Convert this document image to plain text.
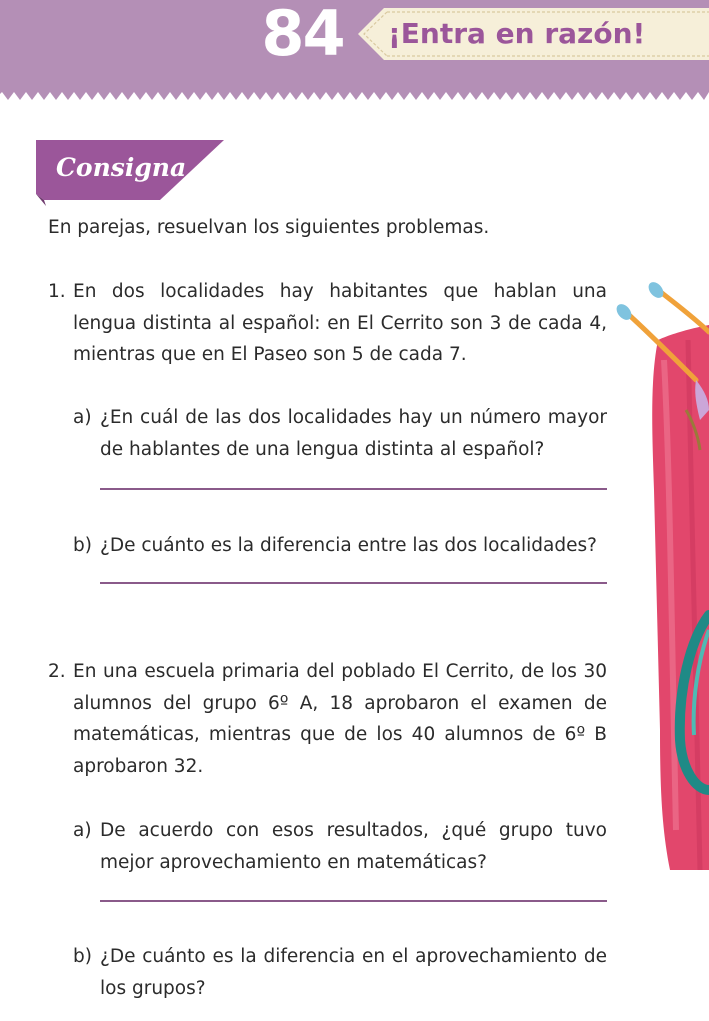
84 ¡Entra en razón!
Consigna
En parejas, resuelvan los siguientes problemas.
1. En dos localidades hay habitantes que hablan una lengua distinta al español: en El Cerrito son 3 de cada 4, mientras que en El Paseo son 5 de cada 7.
a) ¿En cuál de las dos localidades hay un número mayor de hablantes de una lengua distinta al español?
b) ¿De cuánto es la diferencia entre las dos localidades?
2. En una escuela primaria del poblado El Cerrito, de los 30 alumnos del grupo 6º A, 18 aprobaron el examen de matemáticas, mientras que de los 40 alumnos de 6º B aprobaron 32.
a) De acuerdo con esos resultados, ¿qué grupo tuvo mejor aprovechamiento en matemáticas?
b) ¿De cuánto es la diferencia en el aprovechamiento de los grupos?
